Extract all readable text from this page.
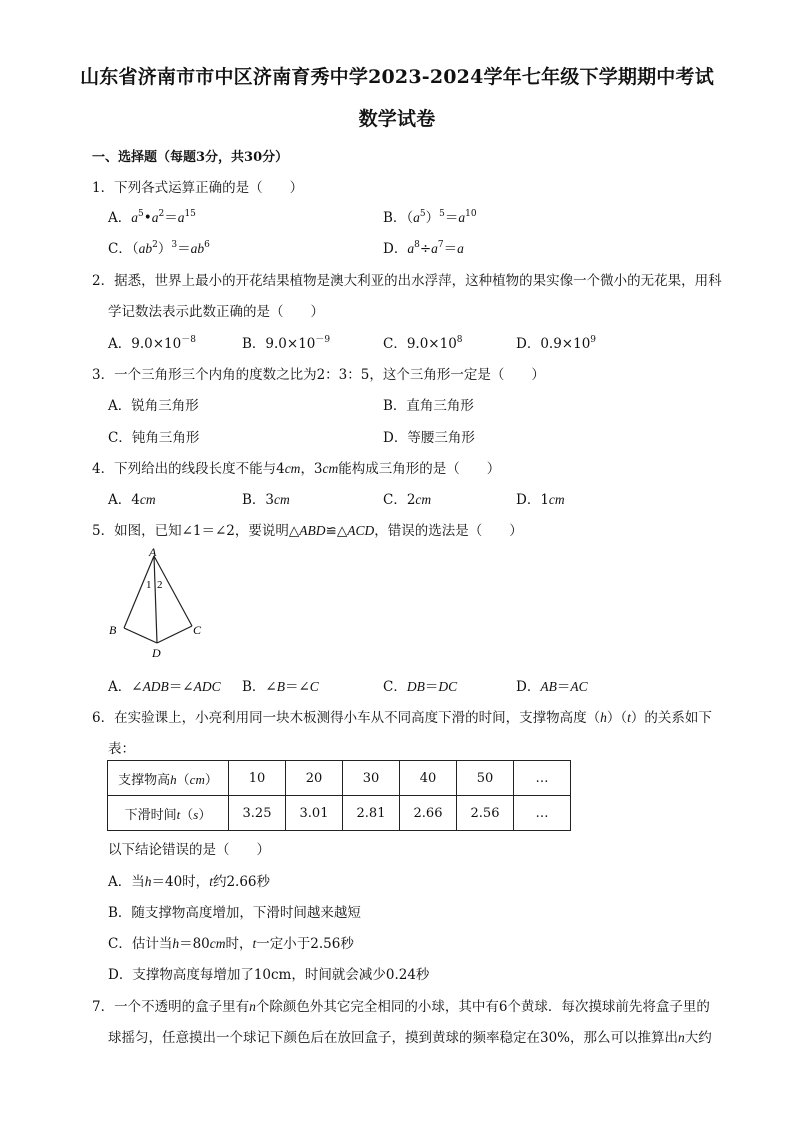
山东省济南市市中区济南育秀中学2023-2024学年七年级下学期期中考试
数学试卷
一、选择题（每题3分，共30分）
1．下列各式运算正确的是（　　）
A．$a^5•a^2=a^{15}$	B．$(a^5)^5=a^{10}$
C．$(ab^2)^3=ab^6$	D．$a^8\div a^7=a$
2．据悉，世界上最小的开花结果植物是澳大利亚的出水浮萍，这种植物的果实像一个微小的无花果，用科
学记数法表示此数正确的是（　　）
A．$9.0\times 10^{-8}$	B．$9.0\times 10^{-9}$	C．$9.0\times 10^8$	D．$0.9\times 10^9$
3．一个三角形三个内角的度数之比为2：3：5，这个三角形一定是（　　）
A．锐角三角形	B．直角三角形
C．钝角三角形	D．等腰三角形
4．下列给出的线段长度不能与4cm，3cm能构成三角形的是（　　）
A．4cm	B．3cm	C．2cm	D．1cm
5．如图，已知∠1＝∠2，要说明△ABD≌△ACD，错误的选法是（　　）
A
B	C
D
1 2
A．∠ADB＝∠ADC B．∠B＝∠C	C．DB＝DC	D．AB＝AC
6．在实验课上，小亮利用同一块木板测得小车从不同高度下滑的时间，支撑物高度（h）（t）的关系如下
表：
支撑物高h（cm）	10	20	30	40	50	…
下滑时间t（s）	3.25	3.01	2.81	2.66	2.56	…
以下结论错误的是（　　）
A．当h＝40时，t约2.66秒
B．随支撑物高度增加，下滑时间越来越短
C．估计当h＝80cm时，t一定小于2.56秒
D．支撑物高度每增加了10cm，时间就会减少0.24秒
7．一个不透明的盒子里有n个除颜色外其它完全相同的小球，其中有6个黄球．每次摸球前先将盒子里的
球摇匀，任意摸出一个球记下颜色后在放回盒子，摸到黄球的频率稳定在30%，那么可以推算出n大约
